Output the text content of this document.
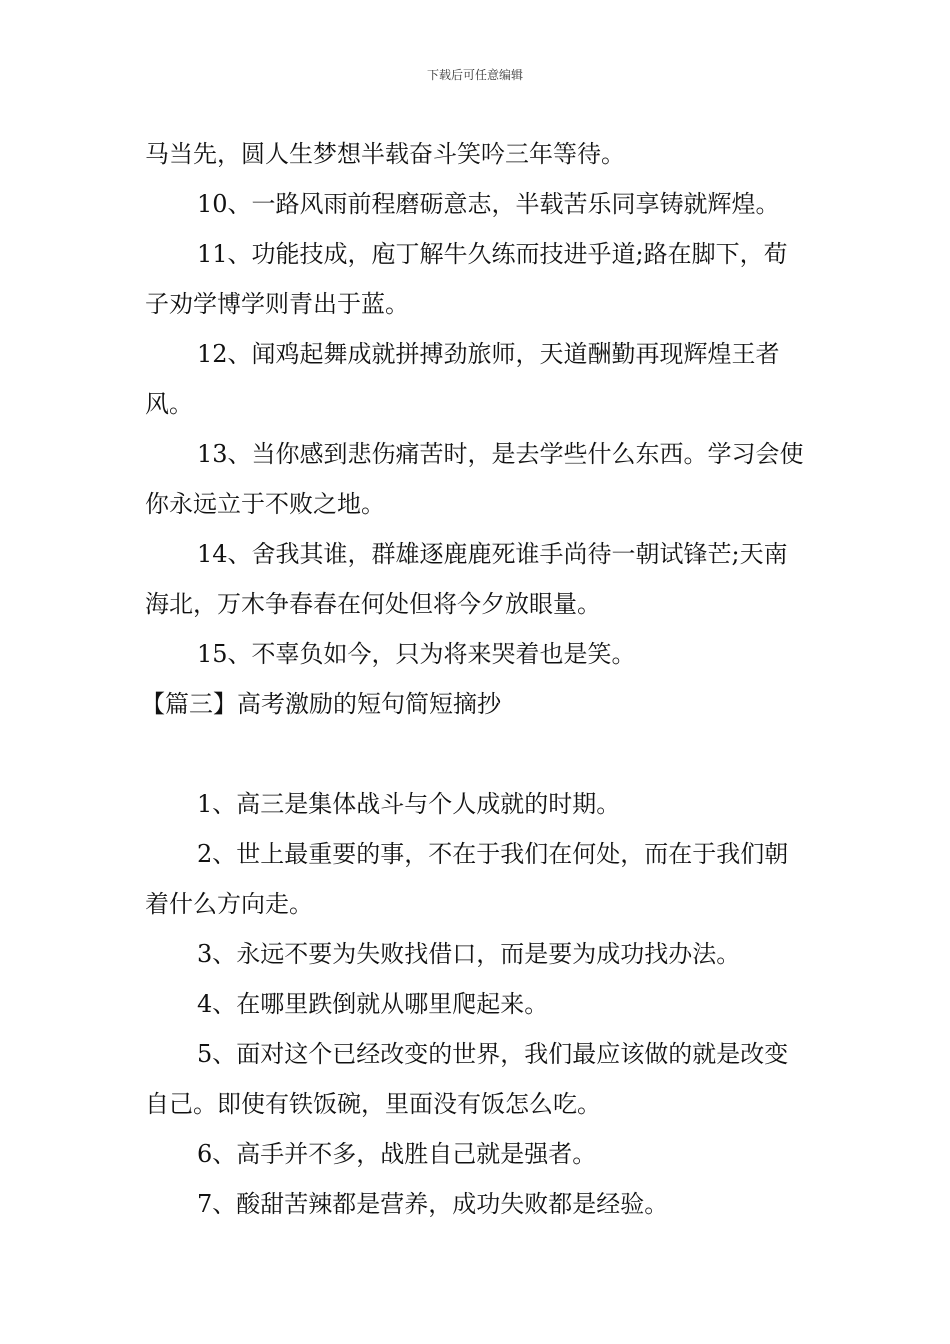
下载后可任意编辑

马当先，圆人生梦想半载奋斗笑吟三年等待。

10、一路风雨前程磨砺意志，半载苦乐同享铸就辉煌。

11、功能技成，庖丁解牛久练而技进乎道;路在脚下，荀子劝学博学则青出于蓝。

12、闻鸡起舞成就拼搏劲旅师，天道酬勤再现辉煌王者风。

13、当你感到悲伤痛苦时，是去学些什么东西。学习会使你永远立于不败之地。

14、舍我其谁，群雄逐鹿鹿死谁手尚待一朝试锋芒;天南海北，万木争春春在何处但将今夕放眼量。

15、不辜负如今，只为将来哭着也是笑。

【篇三】高考激励的短句简短摘抄

1、高三是集体战斗与个人成就的时期。

2、世上最重要的事，不在于我们在何处，而在于我们朝着什么方向走。

3、永远不要为失败找借口，而是要为成功找办法。

4、在哪里跌倒就从哪里爬起来。

5、面对这个已经改变的世界，我们最应该做的就是改变自己。即使有铁饭碗，里面没有饭怎么吃。

6、高手并不多，战胜自己就是强者。

7、酸甜苦辣都是营养，成功失败都是经验。
